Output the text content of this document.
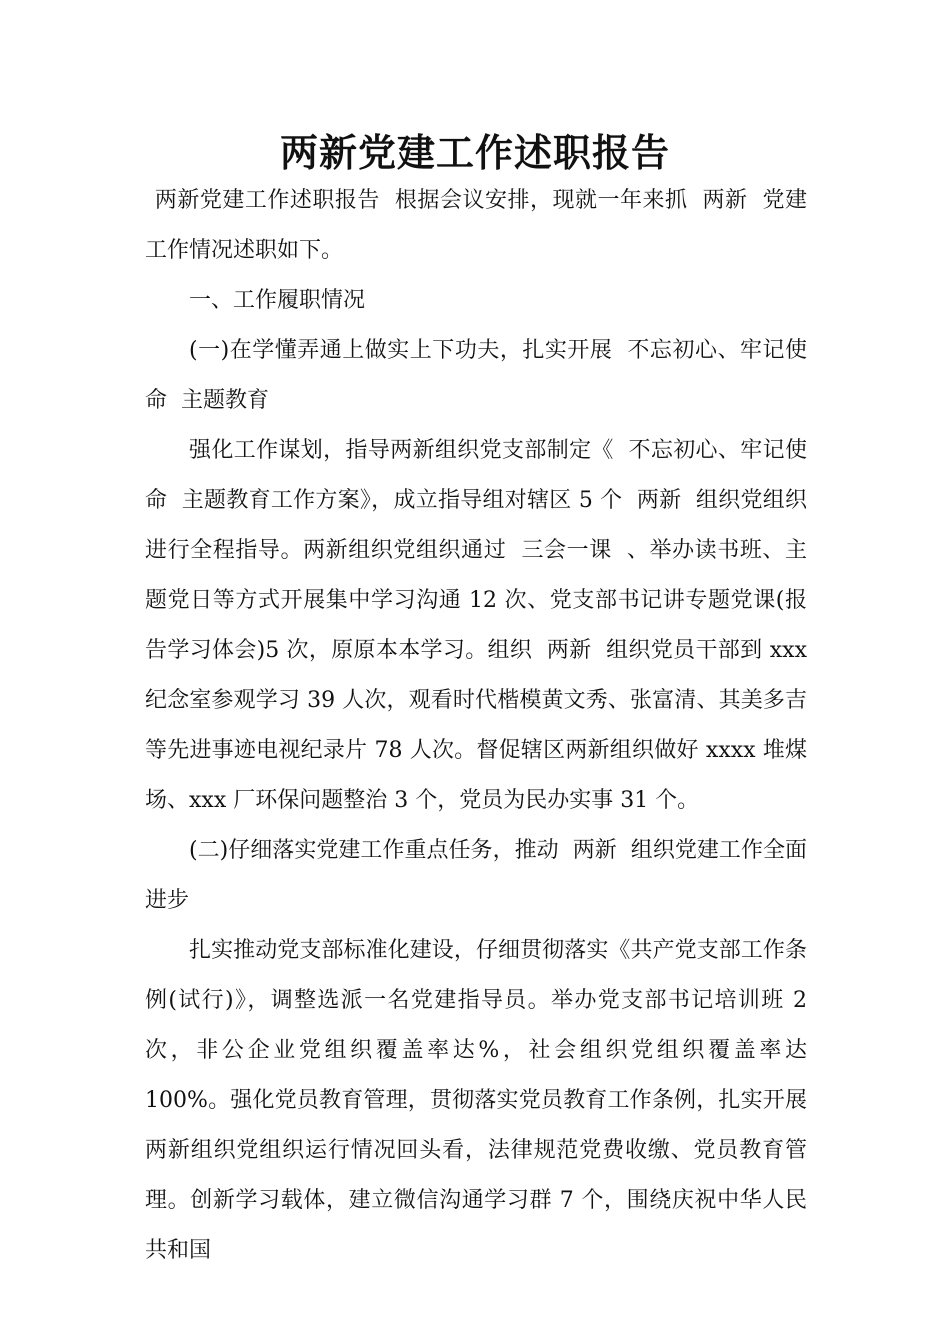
两新党建工作述职报告

两新党建工作述职报告  根据会议安排，现就一年来抓  两新  党建工作情况述职如下。

一、工作履职情况

(一)在学懂弄通上做实上下功夫，扎实开展  不忘初心、牢记使命  主题教育

强化工作谋划，指导两新组织党支部制定《  不忘初心、牢记使命  主题教育工作方案》，成立指导组对辖区 5 个  两新  组织党组织进行全程指导。两新组织党组织通过  三会一课  、举办读书班、主题党日等方式开展集中学习沟通 12 次、党支部书记讲专题党课(报告学习体会)5 次，原原本本学习。组织  两新  组织党员干部到 xxx 纪念室参观学习 39 人次，观看时代楷模黄文秀、张富清、其美多吉等先进事迹电视纪录片 78 人次。督促辖区两新组织做好 xxxx 堆煤场、xxx 厂环保问题整治 3 个，党员为民办实事 31 个。

(二)仔细落实党建工作重点任务，推动  两新  组织党建工作全面进步

扎实推动党支部标准化建设，仔细贯彻落实《共产党支部工作条例(试行)》，调整选派一名党建指导员。举办党支部书记培训班 2 次，非公企业党组织覆盖率达%，社会组织党组织覆盖率达 100%。强化党员教育管理，贯彻落实党员教育工作条例，扎实开展两新组织党组织运行情况回头看，法律规范党费收缴、党员教育管理。创新学习载体，建立微信沟通学习群 7 个，围绕庆祝中华人民共和国
